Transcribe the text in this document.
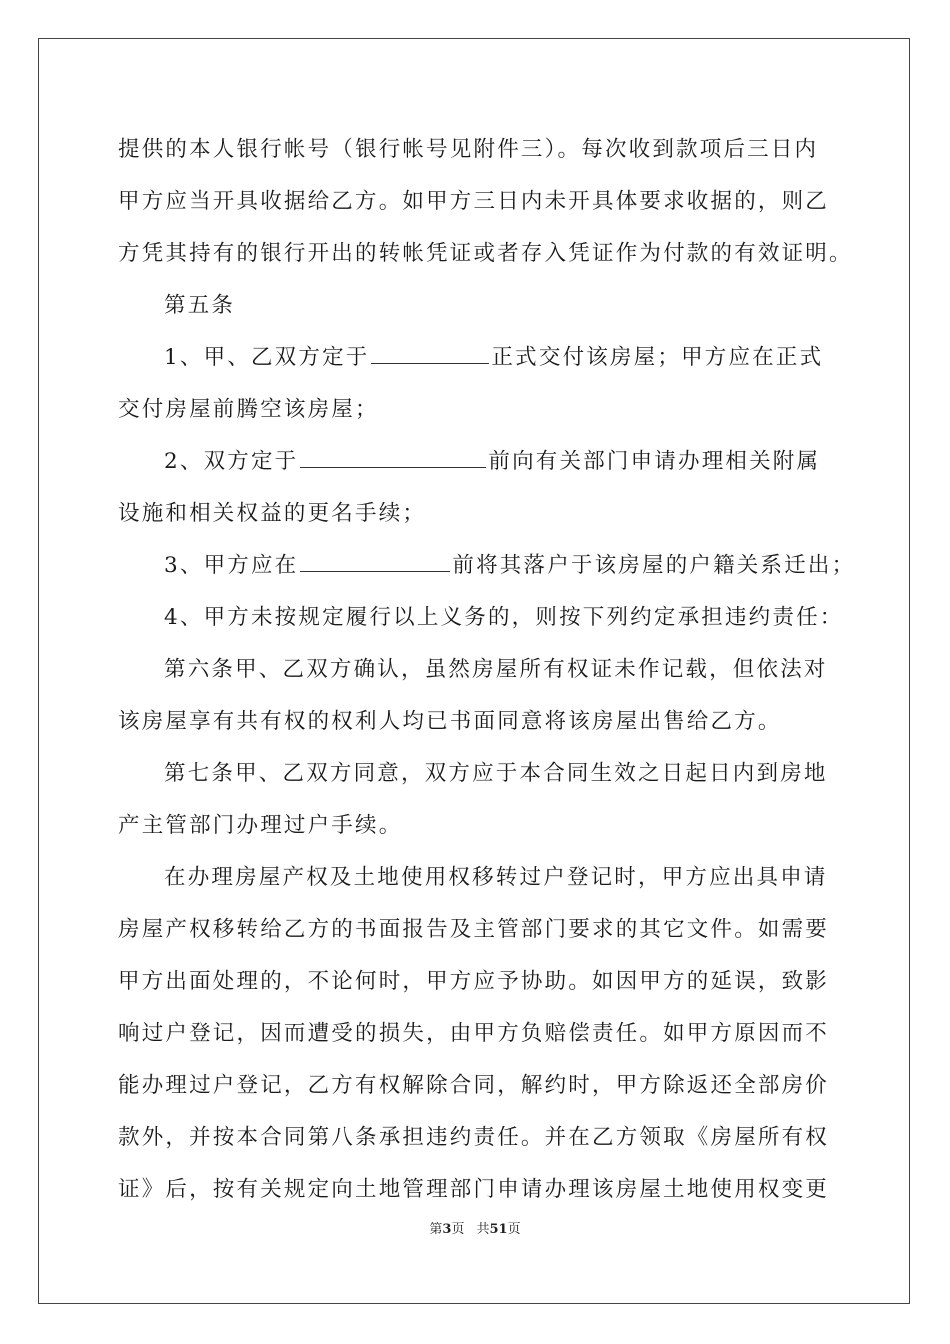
提供的本人银行帐号（银行帐号见附件三）。每次收到款项后三日内
甲方应当开具收据给乙方。如甲方三日内未开具体要求收据的，则乙
方凭其持有的银行开出的转帐凭证或者存入凭证作为付款的有效证明。
第五条
1、甲、乙双方定于	正式交付该房屋；甲方应在正式
交付房屋前腾空该房屋；
2、双方定于	前向有关部门申请办理相关附属
设施和相关权益的更名手续；
3、甲方应在	前将其落户于该房屋的户籍关系迁出；
4、甲方未按规定履行以上义务的，则按下列约定承担违约责任：
第六条甲、乙双方确认，虽然房屋所有权证未作记载，但依法对
该房屋享有共有权的权利人均已书面同意将该房屋出售给乙方。
第七条甲、乙双方同意，双方应于本合同生效之日起日内到房地
产主管部门办理过户手续。
在办理房屋产权及土地使用权移转过户登记时，甲方应出具申请
房屋产权移转给乙方的书面报告及主管部门要求的其它文件。如需要
甲方出面处理的，不论何时，甲方应予协助。如因甲方的延误，致影
响过户登记，因而遭受的损失，由甲方负赔偿责任。如甲方原因而不
能办理过户登记，乙方有权解除合同，解约时，甲方除返还全部房价
款外，并按本合同第八条承担违约责任。并在乙方领取《房屋所有权
证》后，按有关规定向土地管理部门申请办理该房屋土地使用权变更
第3页 共51页
